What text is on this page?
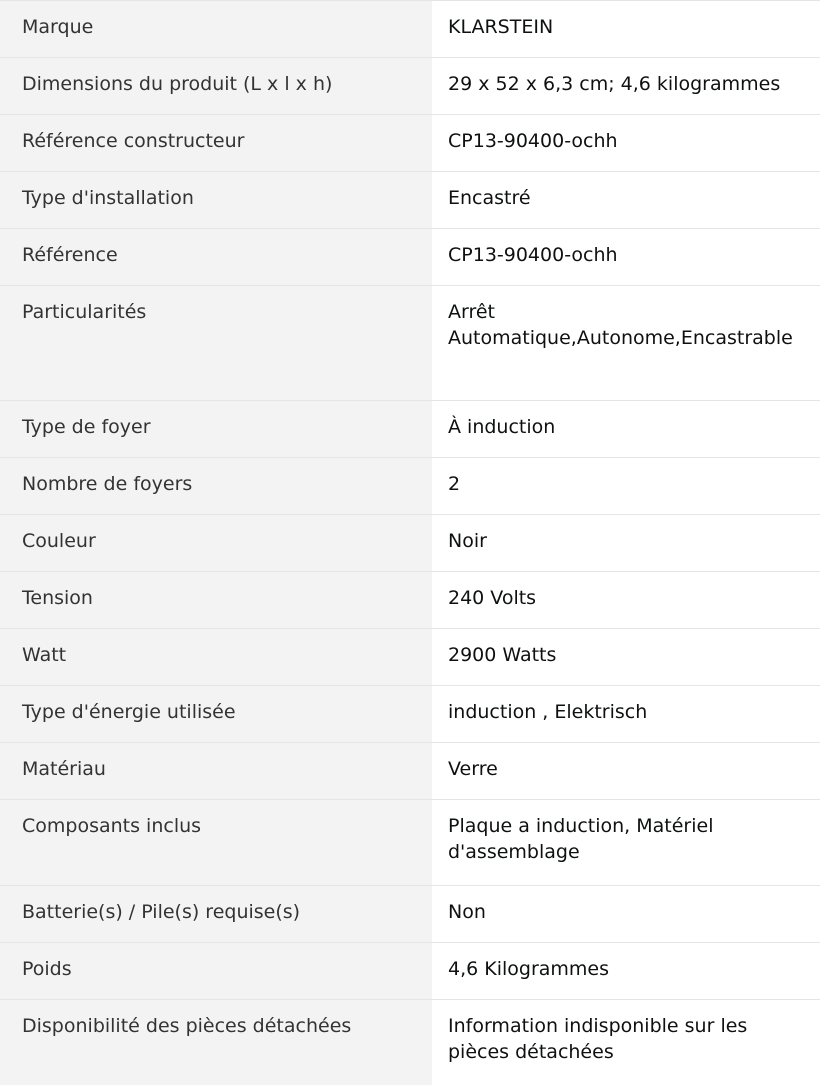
Marque	KLARSTEIN
Dimensions du produit (L x l x h)	29 x 52 x 6,3 cm; 4,6 kilogrammes
Référence constructeur	CP13-90400-ochh
Type d'installation	Encastré
Référence	CP13-90400-ochh
Particularités	Arrêt Automatique,Autonome,Encastrable
Type de foyer	À induction
Nombre de foyers	2
Couleur	Noir
Tension	240 Volts
Watt	2900 Watts
Type d'énergie utilisée	induction , Elektrisch
Matériau	Verre
Composants inclus	Plaque a induction, Matériel d'assemblage
Batterie(s) / Pile(s) requise(s)	Non
Poids	4,6 Kilogrammes
Disponibilité des pièces détachées	Information indisponible sur les pièces détachées
